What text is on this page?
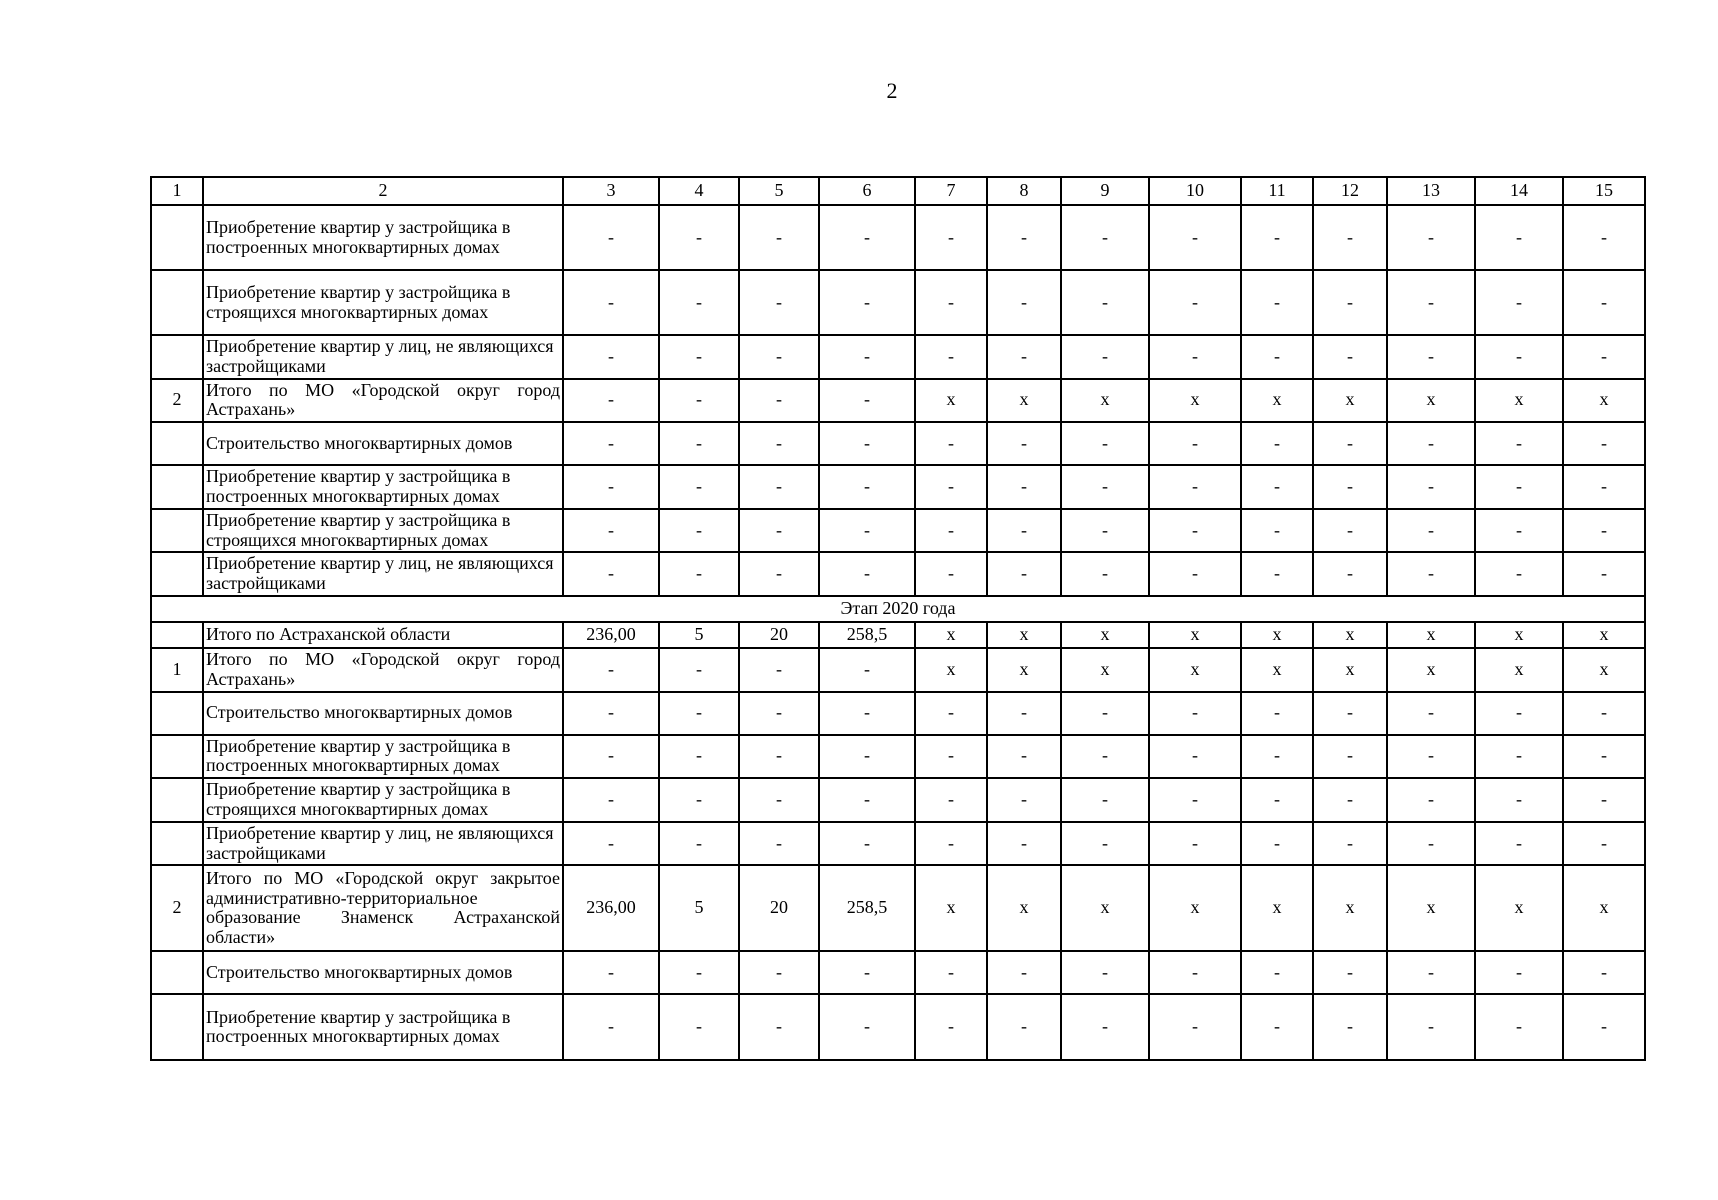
2
1	2	3	4	5	6	7	8	9	10	11	12	13	14	15
	Приобретение квартир у застройщика в построенных многоквартирных домах	-	-	-	-	-	-	-	-	-	-	-	-	-
	Приобретение квартир у застройщика в строящихся многоквартирных домах	-	-	-	-	-	-	-	-	-	-	-	-	-
	Приобретение квартир у лиц, не являющихся застройщиками	-	-	-	-	-	-	-	-	-	-	-	-	-
2	Итого по МО «Городской округ город Астрахань»	-	-	-	-	x	x	x	x	x	x	x	x	x
	Строительство многоквартирных домов	-	-	-	-	-	-	-	-	-	-	-	-	-
	Приобретение квартир у застройщика в построенных многоквартирных домах	-	-	-	-	-	-	-	-	-	-	-	-	-
	Приобретение квартир у застройщика в строящихся многоквартирных домах	-	-	-	-	-	-	-	-	-	-	-	-	-
	Приобретение квартир у лиц, не являющихся застройщиками	-	-	-	-	-	-	-	-	-	-	-	-	-
Этап 2020 года														
	Итого по Астраханской области	236,00	5	20	258,5	x	x	x	x	x	x	x	x	x
1	Итого по МО «Городской округ город Астрахань»	-	-	-	-	x	x	x	x	x	x	x	x	x
	Строительство многоквартирных домов	-	-	-	-	-	-	-	-	-	-	-	-	-
	Приобретение квартир у застройщика в построенных многоквартирных домах	-	-	-	-	-	-	-	-	-	-	-	-	-
	Приобретение квартир у застройщика в строящихся многоквартирных домах	-	-	-	-	-	-	-	-	-	-	-	-	-
	Приобретение квартир у лиц, не являющихся застройщиками	-	-	-	-	-	-	-	-	-	-	-	-	-
2	Итого по МО «Городской округ закрытое административно-территориальное образование Знаменск Астраханской области»	236,00	5	20	258,5	x	x	x	x	x	x	x	x	x
	Строительство многоквартирных домов	-	-	-	-	-	-	-	-	-	-	-	-	-
	Приобретение квартир у застройщика в построенных многоквартирных домах	-	-	-	-	-	-	-	-	-	-	-	-	-
